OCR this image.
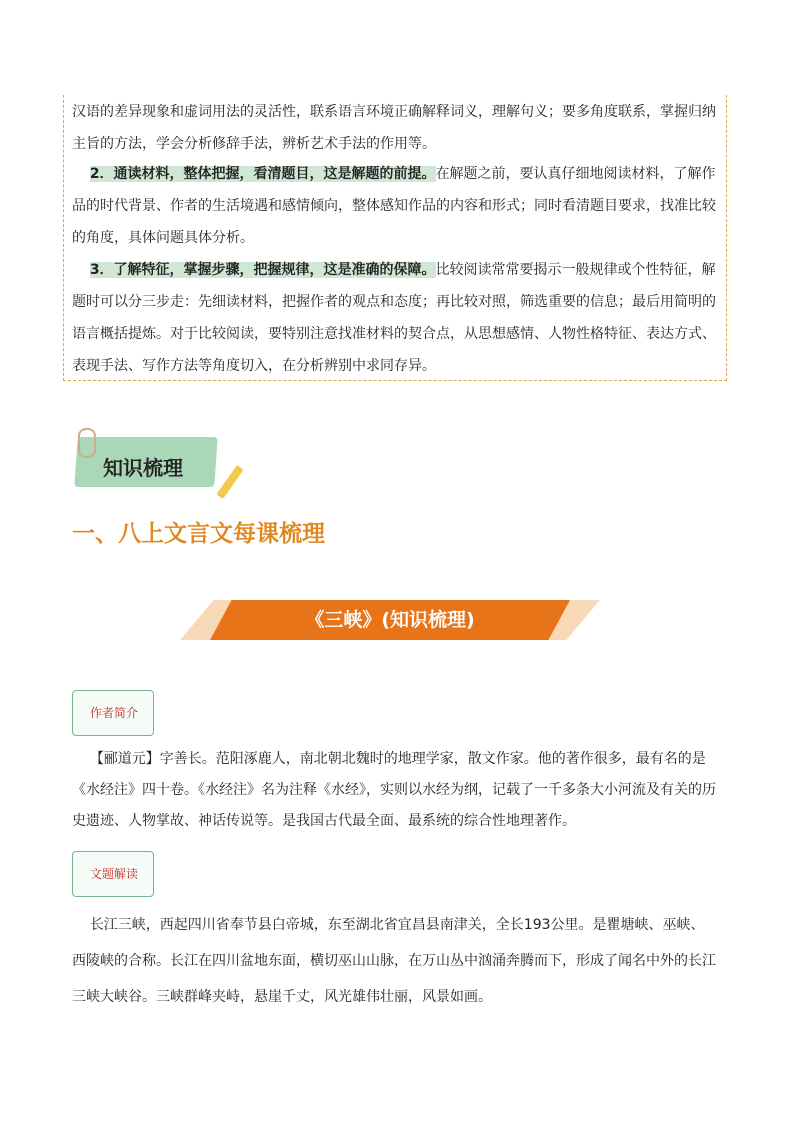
汉语的差异现象和虚词用法的灵活性，联系语言环境正确解释词义，理解句义；要多角度联系，掌握归纳
主旨的方法，学会分析修辞手法，辨析艺术手法的作用等。
2．通读材料，整体把握，看清题目，这是解题的前提。在解题之前，要认真仔细地阅读材料，了解作
品的时代背景、作者的生活境遇和感情倾向，整体感知作品的内容和形式；同时看清题目要求，找准比较
的角度，具体问题具体分析。
3．了解特征，掌握步骤，把握规律，这是准确的保障。比较阅读常常要揭示一般规律或个性特征，解
题时可以分三步走：先细读材料，把握作者的观点和态度；再比较对照，筛选重要的信息；最后用简明的
语言概括提炼。对于比较阅读，要特别注意找准材料的契合点，从思想感情、人物性格特征、表达方式、
表现手法、写作方法等角度切入，在分析辨别中求同存异。
知识梳理
一、八上文言文每课梳理
《三峡》(知识梳理)
作者简介
【郦道元】字善长。范阳涿鹿人，南北朝北魏时的地理学家，散文作家。他的著作很多，最有名的是
《水经注》四十卷。《水经注》名为注释《水经》，实则以水经为纲，记载了一千多条大小河流及有关的历
史遗迹、人物掌故、神话传说等。是我国古代最全面、最系统的综合性地理著作。
文题解读
长江三峡，西起四川省奉节县白帝城，东至湖北省宜昌县南津关，全长193公里。是瞿塘峡、巫峡、
西陵峡的合称。长江在四川盆地东面，横切巫山山脉，在万山丛中汹涌奔腾而下，形成了闻名中外的长江
三峡大峡谷。三峡群峰夹峙，悬崖千丈，风光雄伟壮丽，风景如画。
